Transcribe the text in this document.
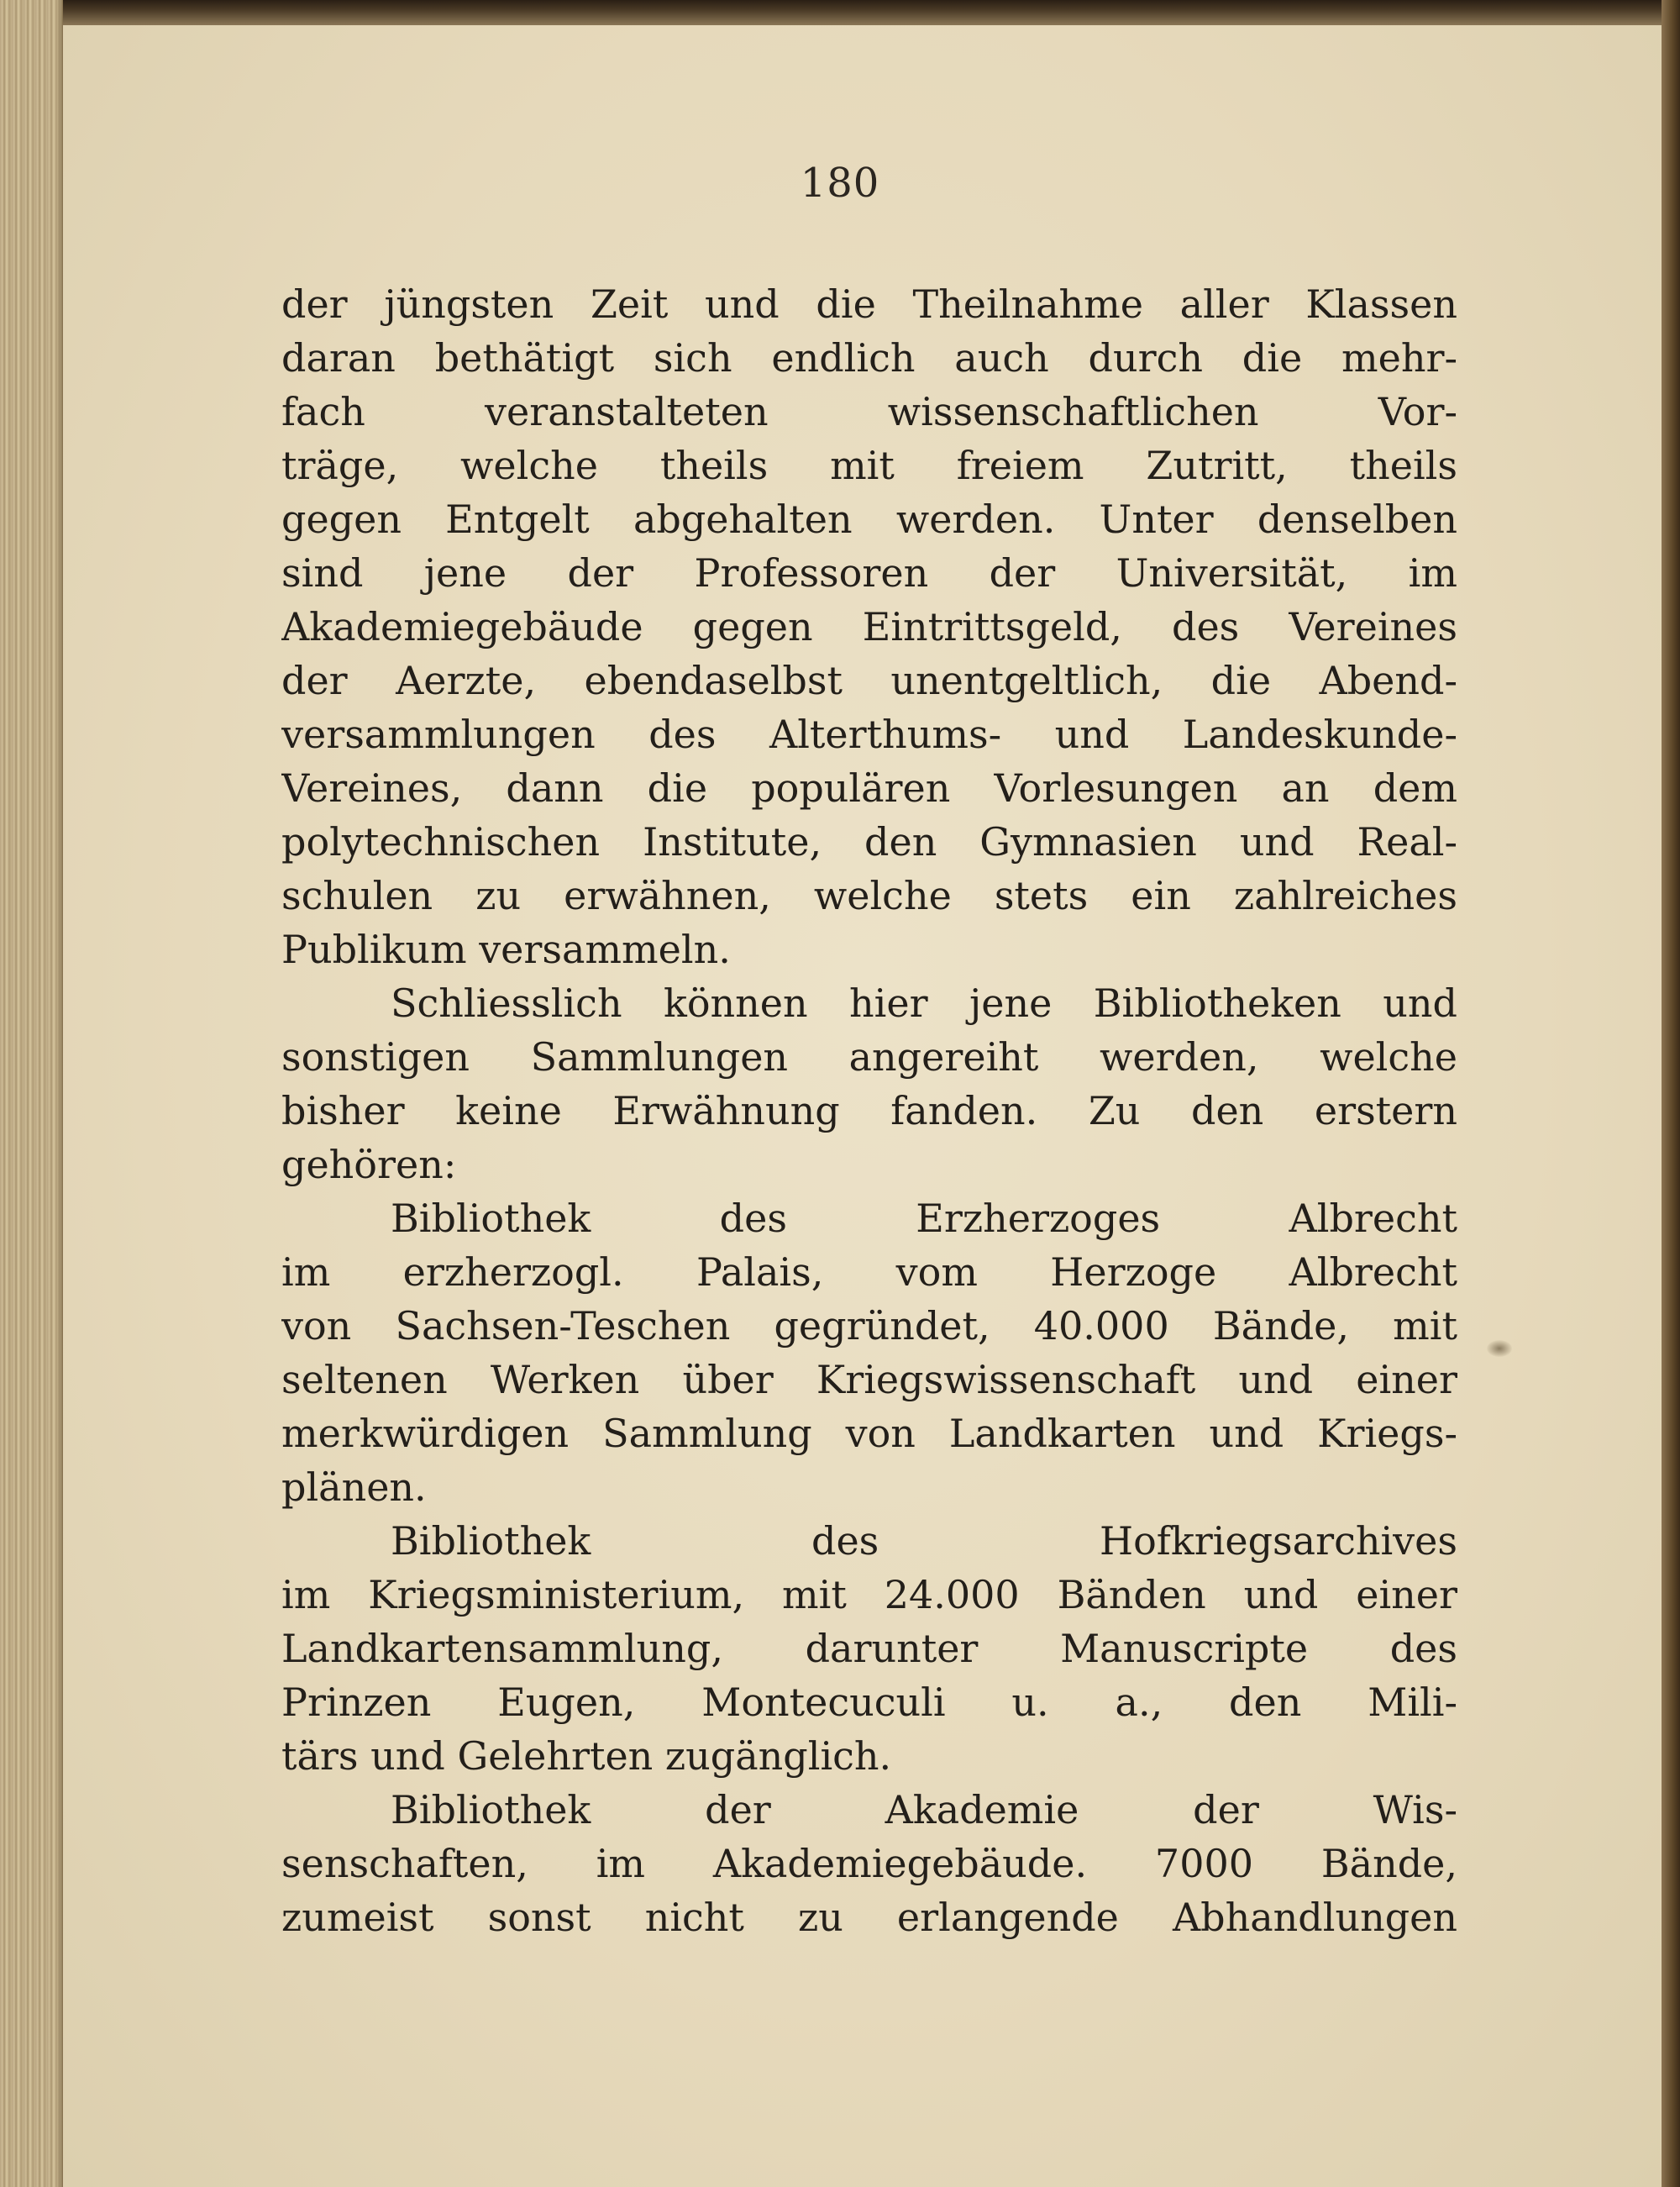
180
der jüngsten Zeit und die Theilnahme aller Klassen
daran bethätigt sich endlich auch durch die mehr-
fach veranstalteten wissenschaftlichen Vor-
träge, welche theils mit freiem Zutritt, theils
gegen Entgelt abgehalten werden. Unter denselben
sind jene der Professoren der Universität, im
Akademiegebäude gegen Eintrittsgeld, des Vereines
der Aerzte, ebendaselbst unentgeltlich, die Abend-
versammlungen des Alterthums- und Landeskunde-
Vereines, dann die populären Vorlesungen an dem
polytechnischen Institute, den Gymnasien und Real-
schulen zu erwähnen, welche stets ein zahlreiches
Publikum versammeln.
Schliesslich können hier jene Bibliotheken und
sonstigen Sammlungen angereiht werden, welche
bisher keine Erwähnung fanden. Zu den erstern
gehören:
Bibliothek des Erzherzoges Albrecht
im erzherzogl. Palais, vom Herzoge Albrecht
von Sachsen-Teschen gegründet, 40.000 Bände, mit
seltenen Werken über Kriegswissenschaft und einer
merkwürdigen Sammlung von Landkarten und Kriegs-
plänen.
Bibliothek des Hofkriegsarchives
im Kriegsministerium, mit 24.000 Bänden und einer
Landkartensammlung, darunter Manuscripte des
Prinzen Eugen, Montecuculi u. a., den Mili-
tärs und Gelehrten zugänglich.
Bibliothek der Akademie der Wis-
senschaften, im Akademiegebäude. 7000 Bände,
zumeist sonst nicht zu erlangende Abhandlungen
